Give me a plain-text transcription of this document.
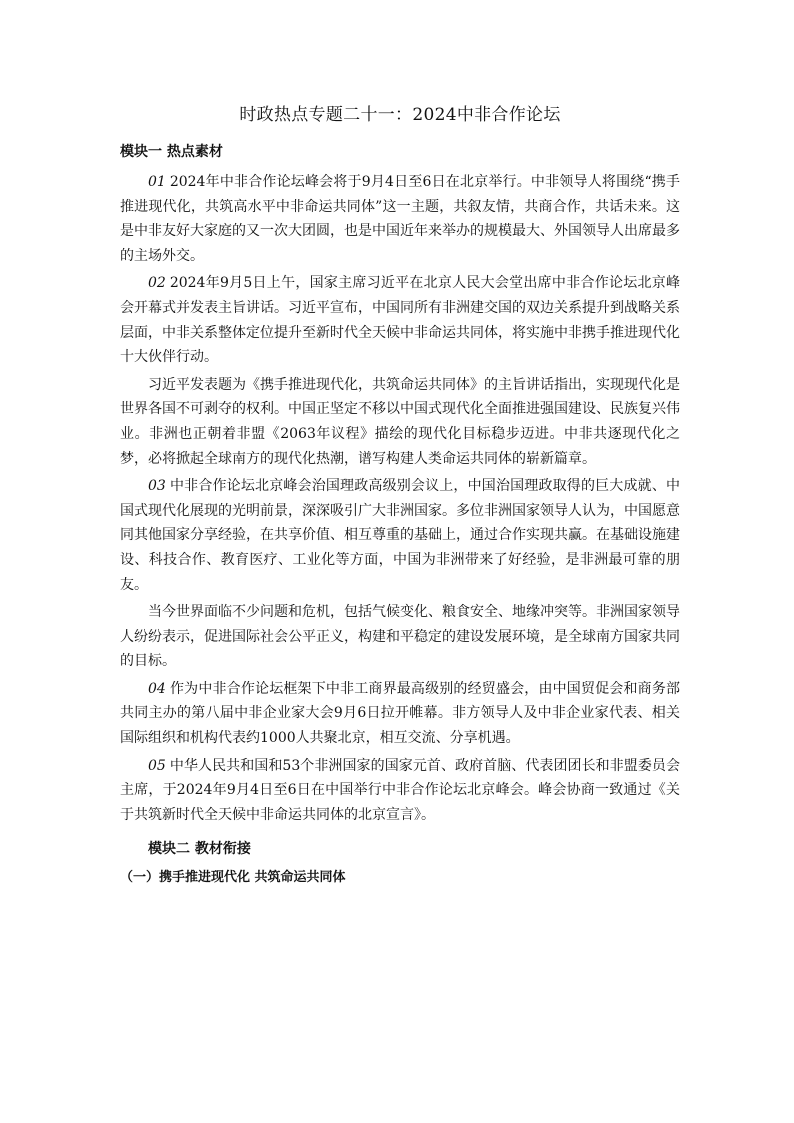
时政热点专题二十一：2024中非合作论坛
模块一 热点素材

01 2024年中非合作论坛峰会将于9月4日至6日在北京举行。中非领导人将围绕“携手推进现代化，共筑高水平中非命运共同体”这一主题，共叙友情，共商合作，共话未来。这是中非友好大家庭的又一次大团圆，也是中国近年来举办的规模最大、外国领导人出席最多的主场外交。

02 2024年9月5日上午，国家主席习近平在北京人民大会堂出席中非合作论坛北京峰会开幕式并发表主旨讲话。习近平宣布，中国同所有非洲建交国的双边关系提升到战略关系层面，中非关系整体定位提升至新时代全天候中非命运共同体，将实施中非携手推进现代化十大伙伴行动。

习近平发表题为《携手推进现代化，共筑命运共同体》的主旨讲话指出，实现现代化是世界各国不可剥夺的权利。中国正坚定不移以中国式现代化全面推进强国建设、民族复兴伟业。非洲也正朝着非盟《2063年议程》描绘的现代化目标稳步迈进。中非共逐现代化之梦，必将掀起全球南方的现代化热潮，谱写构建人类命运共同体的崭新篇章。

03 中非合作论坛北京峰会治国理政高级别会议上，中国治国理政取得的巨大成就、中国式现代化展现的光明前景，深深吸引广大非洲国家。多位非洲国家领导人认为，中国愿意同其他国家分享经验，在共享价值、相互尊重的基础上，通过合作实现共赢。在基础设施建设、科技合作、教育医疗、工业化等方面，中国为非洲带来了好经验，是非洲最可靠的朋友。

当今世界面临不少问题和危机，包括气候变化、粮食安全、地缘冲突等。非洲国家领导人纷纷表示，促进国际社会公平正义，构建和平稳定的建设发展环境，是全球南方国家共同的目标。

04 作为中非合作论坛框架下中非工商界最高级别的经贸盛会，由中国贸促会和商务部共同主办的第八届中非企业家大会9月6日拉开帷幕。非方领导人及中非企业家代表、相关国际组织和机构代表约1000人共聚北京，相互交流、分享机遇。

05 中华人民共和国和53个非洲国家的国家元首、政府首脑、代表团团长和非盟委员会主席，于2024年9月4日至6日在中国举行中非合作论坛北京峰会。峰会协商一致通过《关于共筑新时代全天候中非命运共同体的北京宣言》。

模块二 教材衔接
（一）携手推进现代化 共筑命运共同体
